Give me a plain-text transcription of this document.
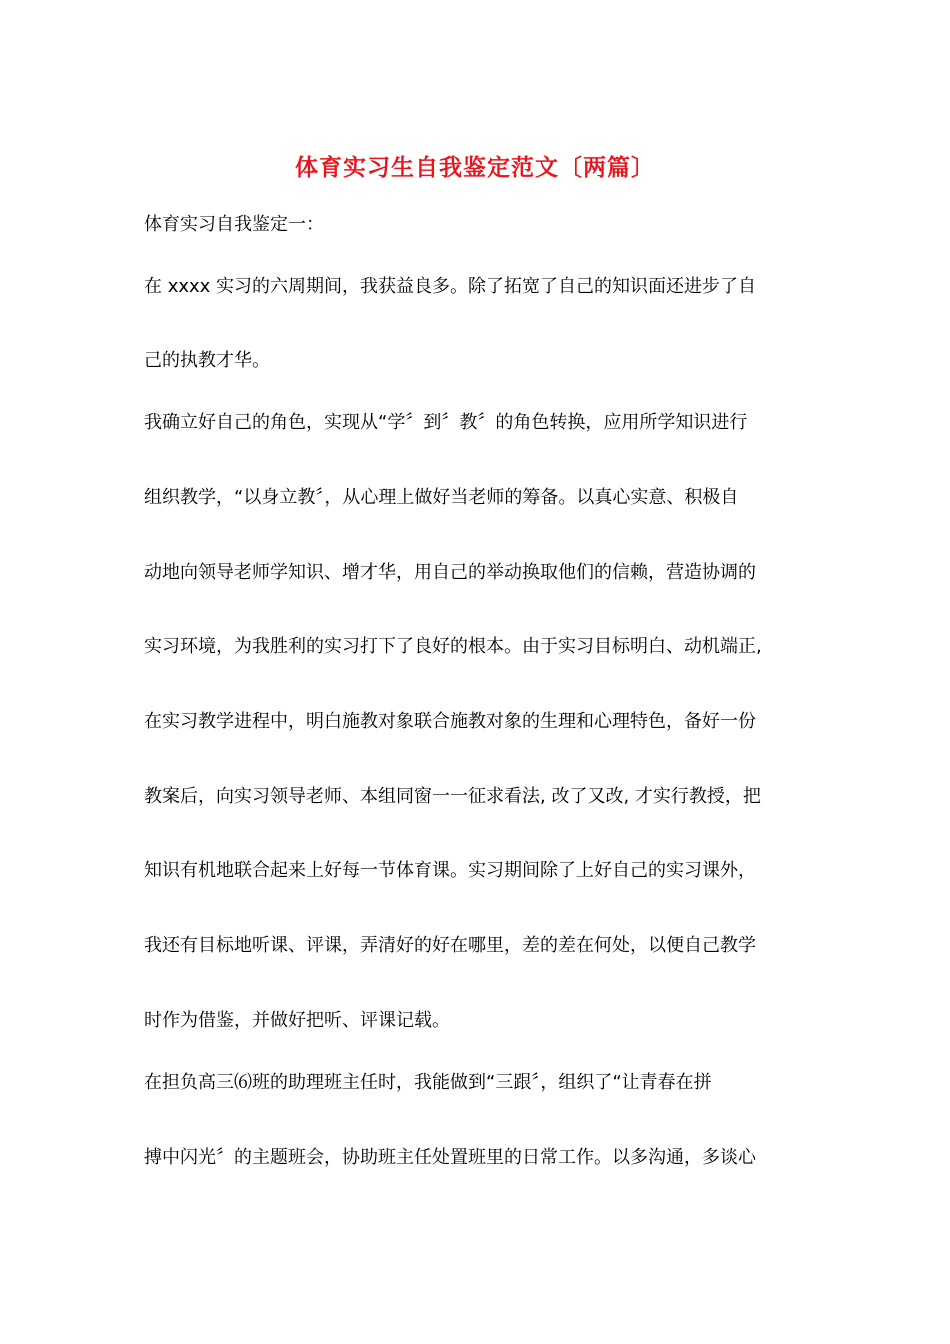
体育实习生自我鉴定范文〔两篇〕

体育实习自我鉴定一：

在 xxxx 实习的六周期间，我获益良多。除了拓宽了自己的知识面还进步了自

己的执教才华。

我确立好自己的角色，实现从“学〞到〞教〞的角色转换，应用所学知识进行

组织教学，“以身立教〞，从心理上做好当老师的筹备。以真心实意、积极自

动地向领导老师学知识、增才华，用自己的举动换取他们的信赖，营造协调的

实习环境，为我胜利的实习打下了良好的根本。由于实习目标明白、动机端正,

在实习教学进程中，明白施教对象联合施教对象的生理和心理特色，备好一份

教案后，向实习领导老师、本组同窗一一征求看法, 改了又改, 才实行教授，把

知识有机地联合起来上好每一节体育课。实习期间除了上好自己的实习课外，

我还有目标地听课、评课，弄清好的好在哪里，差的差在何处，以便自己教学

时作为借鉴，并做好把听、评课记载。

在担负高三⑹班的助理班主任时，我能做到“三跟〞，组织了“让青春在拼

搏中闪光〞的主题班会，协助班主任处置班里的日常工作。以多沟通，多谈心
